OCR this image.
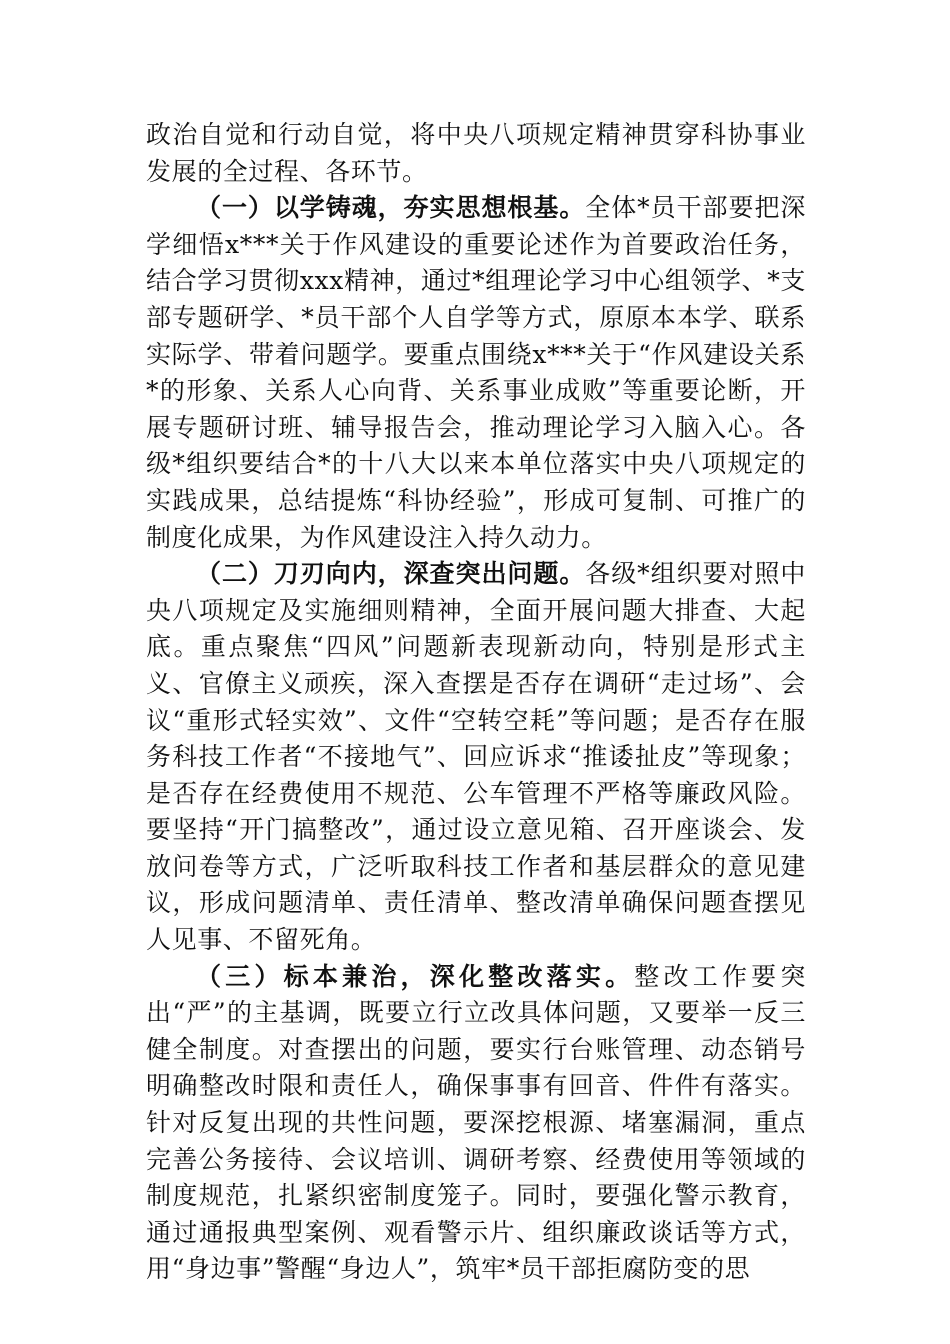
政治自觉和行动自觉，将中央八项规定精神贯穿科协事业发展的全过程、各环节。

（一）以学铸魂，夯实思想根基。全体*员干部要把深学细悟x***关于作风建设的重要论述作为首要政治任务，结合学习贯彻xxx精神，通过*组理论学习中心组领学、*支部专题研学、*员干部个人自学等方式，原原本本学、联系实际学、带着问题学。要重点围绕x***关于“作风建设关系*的形象、关系人心向背、关系事业成败”等重要论断，开展专题研讨班、辅导报告会，推动理论学习入脑入心。各级*组织要结合*的十八大以来本单位落实中央八项规定的实践成果，总结提炼“科协经验”，形成可复制、可推广的制度化成果，为作风建设注入持久动力。

（二）刀刃向内，深查突出问题。各级*组织要对照中央八项规定及实施细则精神，全面开展问题大排查、大起底。重点聚焦“四风”问题新表现新动向，特别是形式主义、官僚主义顽疾，深入查摆是否存在调研“走过场”、会议“重形式轻实效”、文件“空转空耗”等问题；是否存在服务科技工作者“不接地气”、回应诉求“推诿扯皮”等现象；是否存在经费使用不规范、公车管理不严格等廉政风险。要坚持“开门搞整改”，通过设立意见箱、召开座谈会、发放问卷等方式，广泛听取科技工作者和基层群众的意见建议，形成问题清单、责任清单、整改清单确保问题查摆见人见事、不留死角。

（三）标本兼治，深化整改落实。整改工作要突出“严”的主基调，既要立行立改具体问题，又要举一反三健全制度。对查摆出的问题，要实行台账管理、动态销号明确整改时限和责任人，确保事事有回音、件件有落实。针对反复出现的共性问题，要深挖根源、堵塞漏洞，重点完善公务接待、会议培训、调研考察、经费使用等领域的制度规范，扎紧织密制度笼子。同时，要强化警示教育，通过通报典型案例、观看警示片、组织廉政谈话等方式，用“身边事”警醒“身边人”，筑牢*员干部拒腐防变的思
